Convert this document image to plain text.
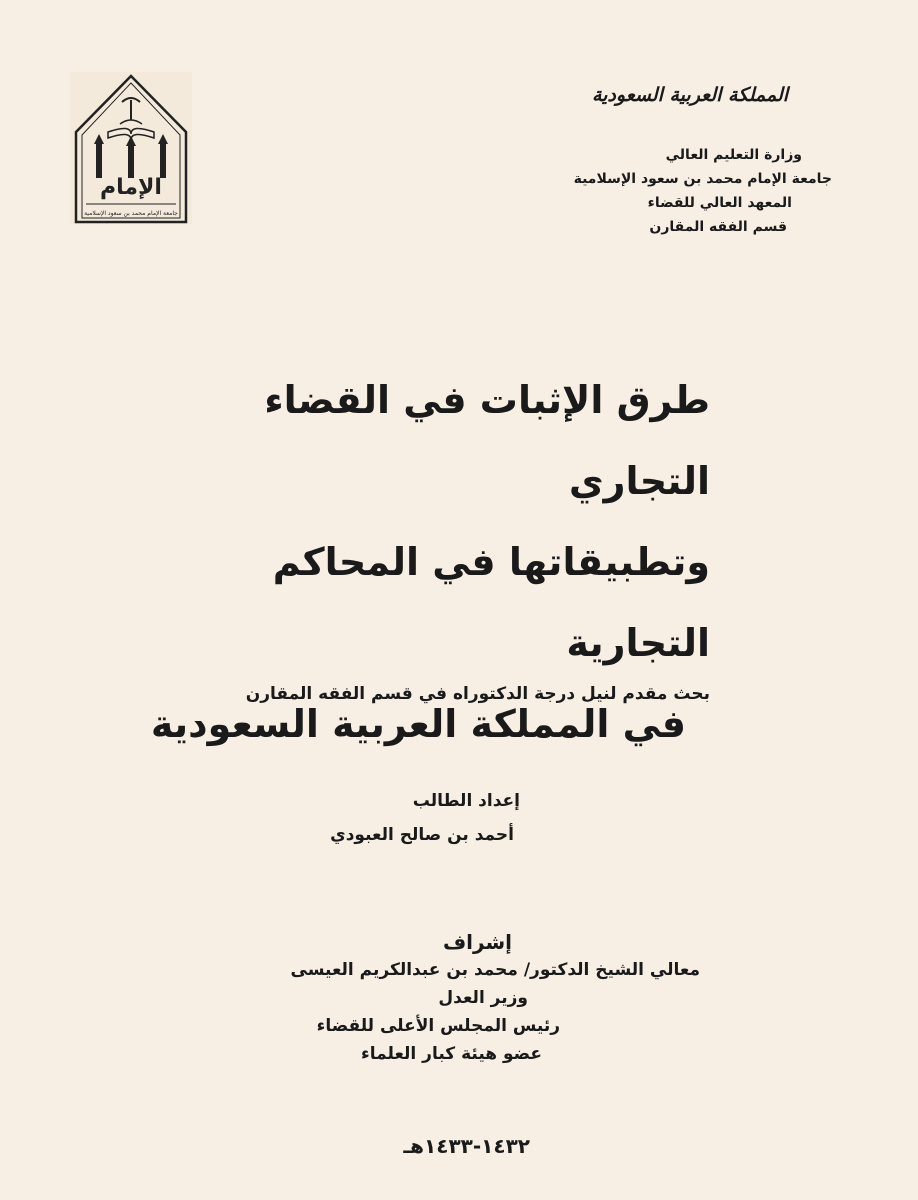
الإمام
جامعة الإمام محمد بن سعود الإسلامية
المملكة العربية السعودية
وزارة التعليم العالي
جامعة الإمام محمد بن سعود الإسلامية
المعهد العالي للقضاء
قسم الفقه المقارن
طرق الإثبات في القضاء التجاري
وتطبيقاتها في المحاكم التجارية
في المملكة العربية السعودية
بحث مقدم لنيل درجة الدكتوراه في قسم الفقه المقارن
إعداد الطالب
أحمد بن صالح العبودي
إشراف
معالي الشيخ الدكتور/ محمد بن عبدالكريم العيسى
وزير العدل
رئيس المجلس الأعلى للقضاء
عضو هيئة كبار العلماء
١٤٣٢-١٤٣٣هـ
